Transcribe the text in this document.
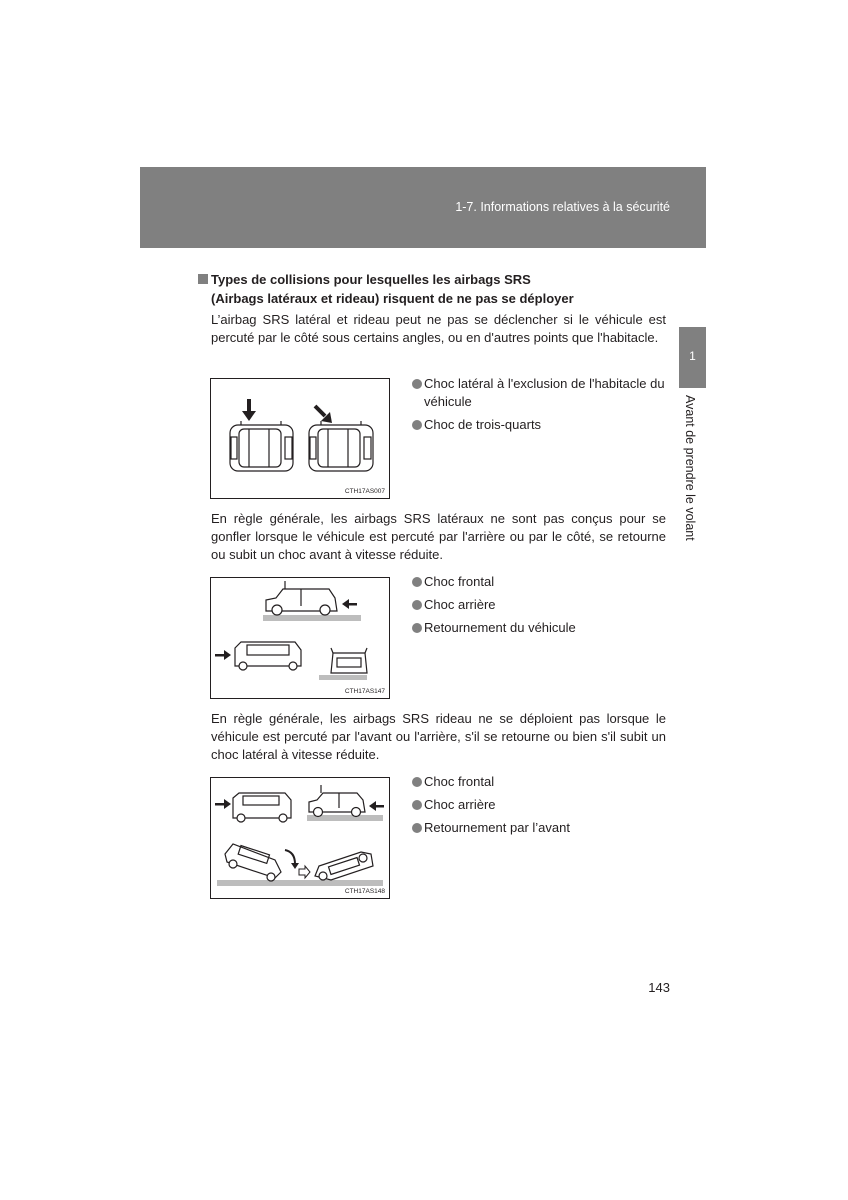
1-7. Informations relatives à la sécurité
1
Avant de prendre le volant
Types de collisions pour lesquelles les airbags SRS
(Airbags latéraux et rideau) risquent de ne pas se déployer
L’airbag SRS latéral et rideau peut ne pas se déclencher si le véhicule est percuté par le côté sous certains angles, ou en d'autres points que l'habitacle.
CTH17AS007
Choc latéral à l'exclusion de l'habitacle du véhicule
Choc de trois-quarts
En règle générale, les airbags SRS latéraux ne sont pas conçus pour se gonfler lorsque le véhicule est percuté par l'arrière ou par le côté, se retourne ou subit un choc avant à vitesse réduite.
CTH17AS147
Choc frontal
Choc arrière
Retournement du véhicule
En règle générale, les airbags SRS rideau ne se déploient pas lorsque le véhicule est percuté par l'avant ou l'arrière, s'il se retourne ou bien s'il subit un choc latéral à vitesse réduite.
CTH17AS148
Choc frontal
Choc arrière
Retournement par l’avant
143
